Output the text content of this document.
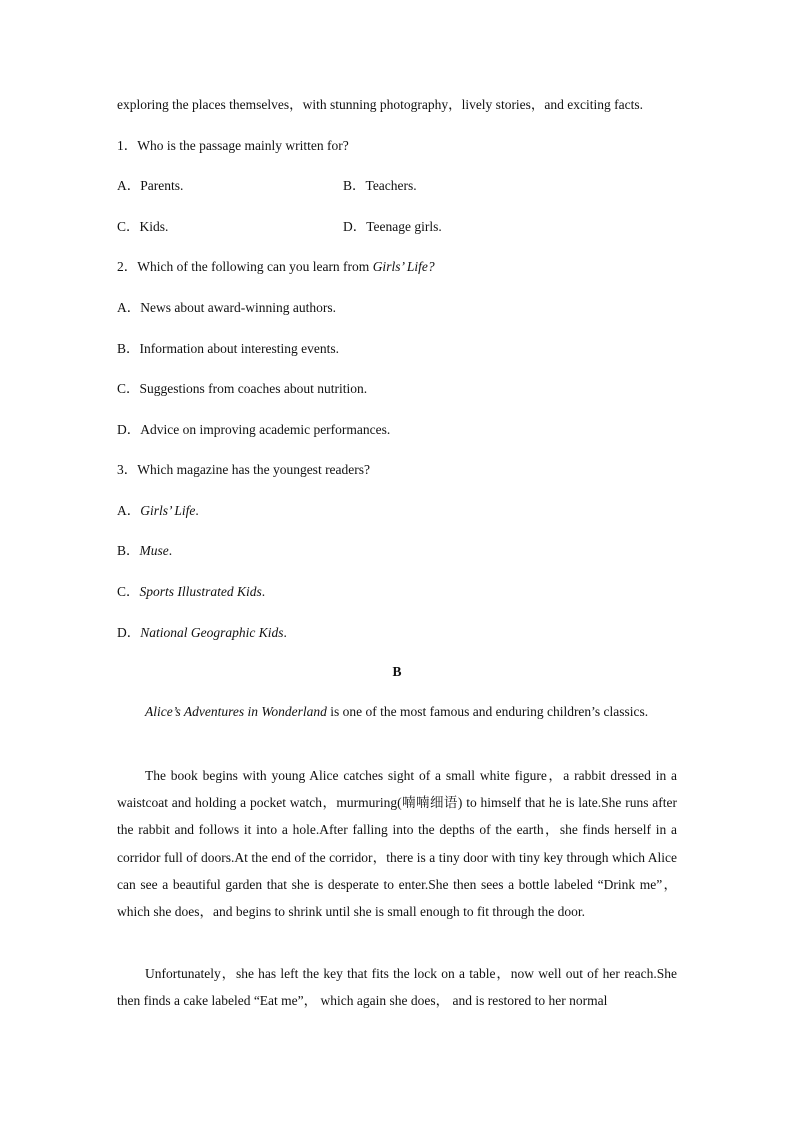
exploring the places themselves，with stunning photography，lively stories，and exciting facts.
1．Who is the passage mainly written for?
A．Parents.	B．Teachers.
C．Kids.	D．Teenage girls.
2．Which of the following can you learn from Girls’ Life?
A．News about award-winning authors.
B．Information about interesting events.
C．Suggestions from coaches about nutrition.
D．Advice on improving academic performances.
3．Which magazine has the youngest readers?
A．Girls’ Life.
B．Muse.
C．Sports Illustrated Kids.
D．National Geographic Kids.
B

Alice’s Adventures in Wonderland is one of the most famous and enduring children’s classics.

The book begins with young Alice catches sight of a small white figure，a rabbit dressed in a waistcoat and holding a pocket watch，murmuring(喃喃细语) to himself that he is late.She runs after the rabbit and follows it into a hole.After falling into the depths of the earth，she finds herself in a corridor full of doors.At the end of the corridor，there is a tiny door with tiny key through which Alice can see a beautiful garden that she is desperate to enter.She then sees a bottle labeled “Drink me”，which she does，and begins to shrink until she is small enough to fit through the door.

Unfortunately，she has left the key that fits the lock on a table，now well out of her reach.She then finds a cake labeled “Eat me”， which again she does， and is restored to her normal
